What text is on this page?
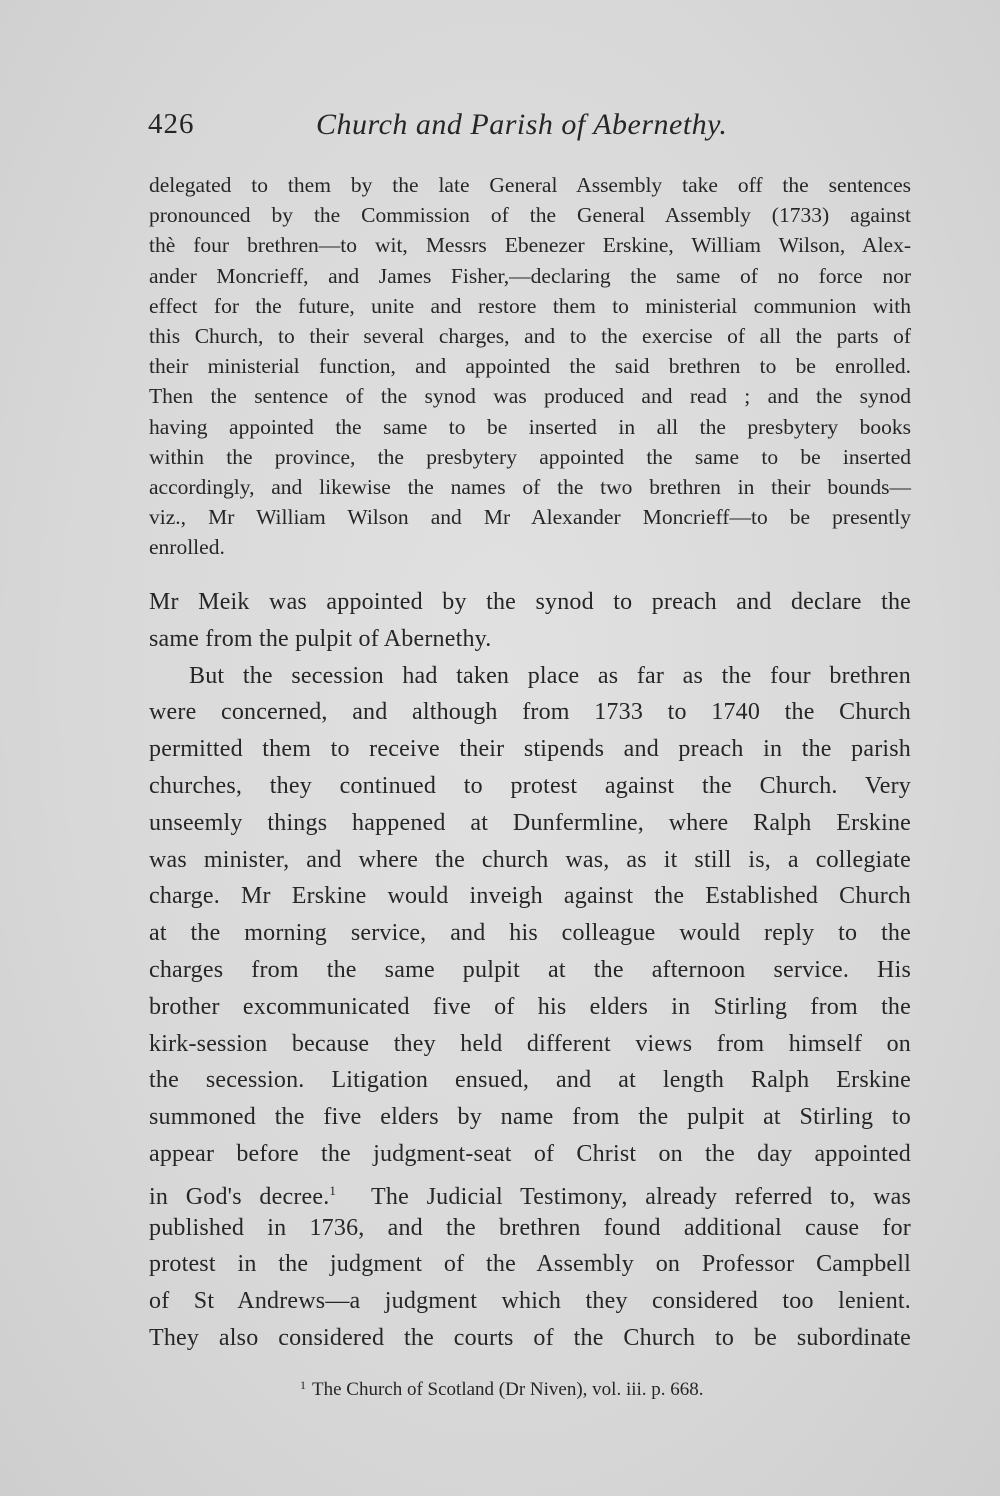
426	Church and Parish of Abernethy.
delegated to them by the late General Assembly take off the sentences
pronounced by the Commission of the General Assembly (1733) against
thè four brethren—to wit, Messrs Ebenezer Erskine, William Wilson, Alex-
ander Moncrieff, and James Fisher,—declaring the same of no force nor
effect for the future, unite and restore them to ministerial communion with
this Church, to their several charges, and to the exercise of all the parts of
their ministerial function, and appointed the said brethren to be enrolled.
Then the sentence of the synod was produced and read ; and the synod
having appointed the same to be inserted in all the presbytery books
within the province, the presbytery appointed the same to be inserted
accordingly, and likewise the names of the two brethren in their bounds—
viz., Mr William Wilson and Mr Alexander Moncrieff—to be presently
enrolled.
Mr Meik was appointed by the synod to preach and declare the
same from the pulpit of Abernethy.
But the secession had taken place as far as the four brethren
were concerned, and although from 1733 to 1740 the Church
permitted them to receive their stipends and preach in the parish
churches, they continued to protest against the Church. Very
unseemly things happened at Dunfermline, where Ralph Erskine
was minister, and where the church was, as it still is, a collegiate
charge. Mr Erskine would inveigh against the Established Church
at the morning service, and his colleague would reply to the
charges from the same pulpit at the afternoon service. His
brother excommunicated five of his elders in Stirling from the
kirk-session because they held different views from himself on
the secession. Litigation ensued, and at length Ralph Erskine
summoned the five elders by name from the pulpit at Stirling to
appear before the judgment-seat of Christ on the day appointed
in God's decree.$^1$ The Judicial Testimony, already referred to, was
published in 1736, and the brethren found additional cause for
protest in the judgment of the Assembly on Professor Campbell
of St Andrews—a judgment which they considered too lenient.
They also considered the courts of the Church to be subordinate
$^1$ The Church of Scotland (Dr Niven), vol. iii. p. 668.
